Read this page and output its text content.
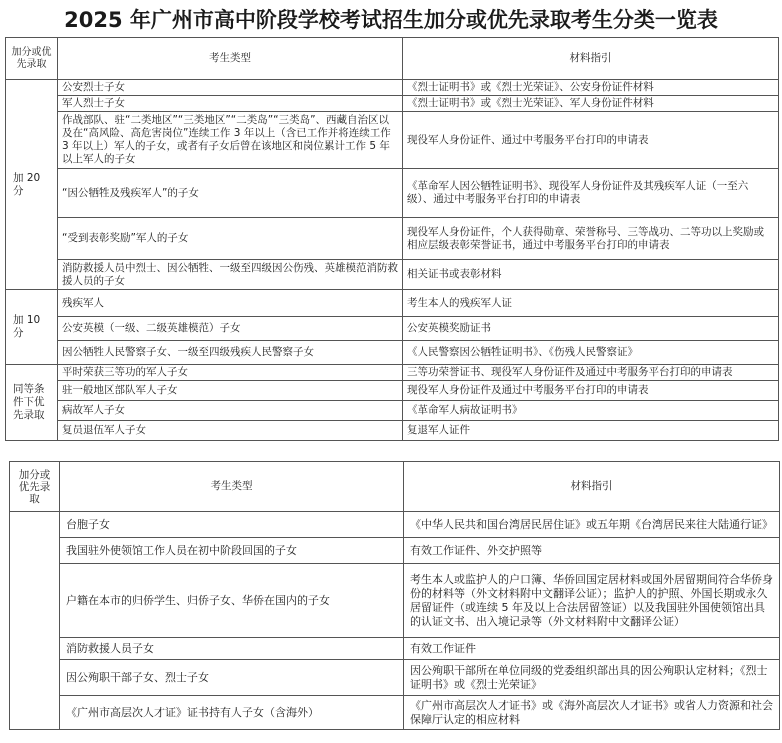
2025 年广州市高中阶段学校考试招生加分或优先录取考生分类一览表
加分或优先录取	考生类型	材料指引
加 20 分	公安烈士子女	《烈士证明书》或《烈士光荣证》、公安身份证件材料
	军人烈士子女	《烈士证明书》或《烈士光荣证》、军人身份证件材料
	作战部队、驻“二类地区”“三类地区”“二类岛”“三类岛”、西藏自治区以及在“高风险、高危害岗位”连续工作 3 年以上（含已工作并将连续工作 3 年以上）军人的子女，或者有子女后曾在该地区和岗位累计工作 5 年以上军人的子女	现役军人身份证件、通过中考服务平台打印的申请表
	“因公牺牲及残疾军人”的子女	《革命军人因公牺牲证明书》、现役军人身份证件及其残疾军人证（一至六级）、通过中考服务平台打印的申请表
	“受到表彰奖励”军人的子女	现役军人身份证件，个人获得勋章、荣誉称号、三等战功、二等功以上奖励或相应层级表彰荣誉证书，通过中考服务平台打印的申请表
	消防救援人员中烈士、因公牺牲、一级至四级因公伤残、英雄模范消防救援人员的子女	相关证书或表彰材料
加 10 分	残疾军人	考生本人的残疾军人证
	公安英模（一级、二级英雄模范）子女	公安英模奖励证书
	因公牺牲人民警察子女、一级至四级残疾人民警察子女	《人民警察因公牺牲证明书》、《伤残人民警察证》
同等条件下优先录取	平时荣获三等功的军人子女	三等功荣誉证书、现役军人身份证件及通过中考服务平台打印的申请表
	驻一般地区部队军人子女	现役军人身份证件及通过中考服务平台打印的申请表
	病故军人子女	《革命军人病故证明书》
	复员退伍军人子女	复退军人证件
加分或优先录取	考生类型	材料指引
	台胞子女	《中华人民共和国台湾居民居住证》或五年期《台湾居民来往大陆通行证》
	我国驻外使领馆工作人员在初中阶段回国的子女	有效工作证件、外交护照等
	户籍在本市的归侨学生、归侨子女、华侨在国内的子女	考生本人或监护人的户口簿、华侨回国定居材料或国外居留期间符合华侨身份的材料等（外文材料附中文翻译公证）；监护人的护照、外国长期或永久居留证件（或连续 5 年及以上合法居留签证）以及我国驻外国使领馆出具的认证文书、出入境记录等（外文材料附中文翻译公证）
	消防救援人员子女	有效工作证件
	因公殉职干部子女、烈士子女	因公殉职干部所在单位同级的党委组织部出具的因公殉职认定材料；《烈士证明书》或《烈士光荣证》
	《广州市高层次人才证》证书持有人子女（含海外）	《广州市高层次人才证书》或《海外高层次人才证书》或省人力资源和社会保障厅认定的相应材料
